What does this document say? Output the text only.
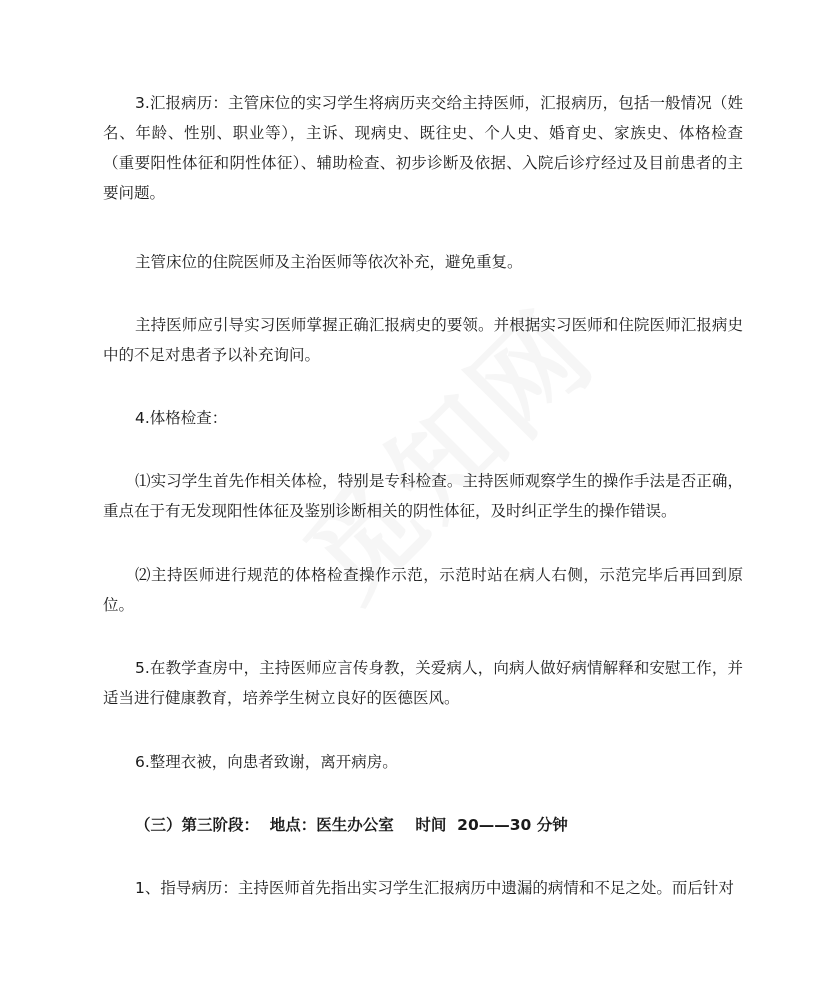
3.汇报病历：主管床位的实习学生将病历夹交给主持医师，汇报病历，包括一般情况（姓名、年龄、性别、职业等），主诉、现病史、既往史、个人史、婚育史、家族史、体格检查（重要阳性体征和阴性体征）、辅助检查、初步诊断及依据、入院后诊疗经过及目前患者的主要问题。

主管床位的住院医师及主治医师等依次补充，避免重复。

主持医师应引导实习医师掌握正确汇报病史的要领。并根据实习医师和住院医师汇报病史中的不足对患者予以补充询问。

4.体格检查：

⑴实习学生首先作相关体检，特别是专科检查。主持医师观察学生的操作手法是否正确，重点在于有无发现阳性体征及鉴别诊断相关的阴性体征，及时纠正学生的操作错误。

⑵主持医师进行规范的体格检查操作示范，示范时站在病人右侧，示范完毕后再回到原位。

5.在教学查房中，主持医师应言传身教，关爱病人，向病人做好病情解释和安慰工作，并适当进行健康教育，培养学生树立良好的医德医风。

6.整理衣被，向患者致谢，离开病房。

（三）第三阶段：  地点：医生办公室    时间  20——30 分钟

1、指导病历：主持医师首先指出实习学生汇报病历中遗漏的病情和不足之处。而后针对
